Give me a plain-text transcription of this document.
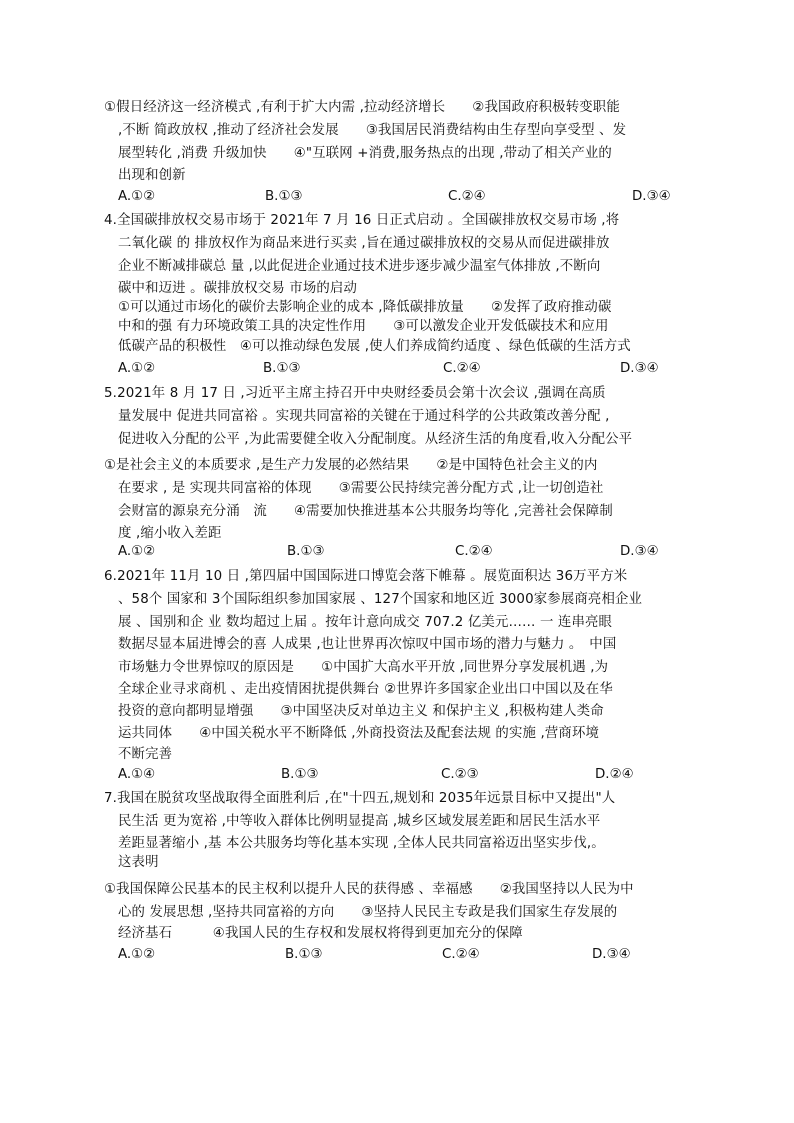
①假日经济这一经济模式 ,有利于扩大内需 ,拉动经济增长　　②我国政府积极转变职能
,不断 简政放权 ,推动了经济社会发展　　③我国居民消费结构由生存型向享受型 、发
展型转化 ,消费 升级加快　　④"互联网 +消费,服务热点的出现 ,带动了相关产业的
出现和创新
A.①②	B.①③	C.②④	D.③④
4.全国碳排放权交易市场于 2021年 7 月 16 日正式启动 。全国碳排放权交易市场 ,将
二氧化碳 的 排放权作为商品来进行买卖 ,旨在通过碳排放权的交易从而促进碳排放
企业不断减排碳总 量 ,以此促进企业通过技术进步逐步减少温室气体排放 ,不断向
碳中和迈进 。碳排放权交易 市场的启动
①可以通过市场化的碳价去影响企业的成本 ,降低碳排放量　　②发挥了政府推动碳
中和的强 有力环境政策工具的决定性作用　　③可以激发企业开发低碳技术和应用
低碳产品的积极性　④可以推动绿色发展 ,使人们养成简约适度 、绿色低碳的生活方式
A.①②	B.①③	C.②④	D.③④
5.2021年 8 月 17 日 ,习近平主席主持召开中央财经委员会第十次会议 ,强调在高质
量发展中 促进共同富裕 。实现共同富裕的关键在于通过科学的公共政策改善分配 ,
促进收入分配的公平 ,为此需要健全收入分配制度。从经济生活的角度看,收入分配公平
①是社会主义的本质要求 ,是生产力发展的必然结果　　②是中国特色社会主义的内
在要求 , 是 实现共同富裕的体现　　③需要公民持续完善分配方式 ,让一切创造社
会财富的源泉充分涌　流　　④需要加快推进基本公共服务均等化 ,完善社会保障制
度 ,缩小收入差距
A.①②	B.①③	C.②④	D.③④
6.2021年 11月 10 日 ,第四届中国国际进口博览会落下帷幕 。展览面积达 36万平方米
、58个 国家和 3个国际组织参加国家展 、127个国家和地区近 3000家参展商亮相企业
展 、国别和企 业 数均超过上届 。按年计意向成交 707.2 亿美元…… 一 连串亮眼
数据尽显本届进博会的喜 人成果 ,也让世界再次惊叹中国市场的潜力与魅力 。　中国
市场魅力令世界惊叹的原因是　　①中国扩大高水平开放 ,同世界分享发展机遇 ,为
全球企业寻求商机 、走出疫情困扰提供舞台 ②世界许多国家企业出口中国以及在华
投资的意向都明显增强　　③中国坚决反对单边主义 和保护主义 ,积极构建人类命
运共同体　　④中国关税水平不断降低 ,外商投资法及配套法规 的实施 ,营商环境
不断完善
A.①④	B.①③	C.②③	D.②④
7.我国在脱贫攻坚战取得全面胜利后 ,在"十四五,规划和 2035年远景目标中又提出"人
民生活 更为宽裕 ,中等收入群体比例明显提高 ,城乡区域发展差距和居民生活水平
差距显著缩小 ,基 本公共服务均等化基本实现 ,全体人民共同富裕迈出坚实步伐,。
这表明
①我国保障公民基本的民主权利以提升人民的获得感 、幸福感　　②我国坚持以人民为中
心的 发展思想 ,坚持共同富裕的方向　　③坚持人民民主专政是我们国家生存发展的
经济基石　　　④我国人民的生存权和发展权将得到更加充分的保障
A.①②	B.①③	C.②④	D.③④
